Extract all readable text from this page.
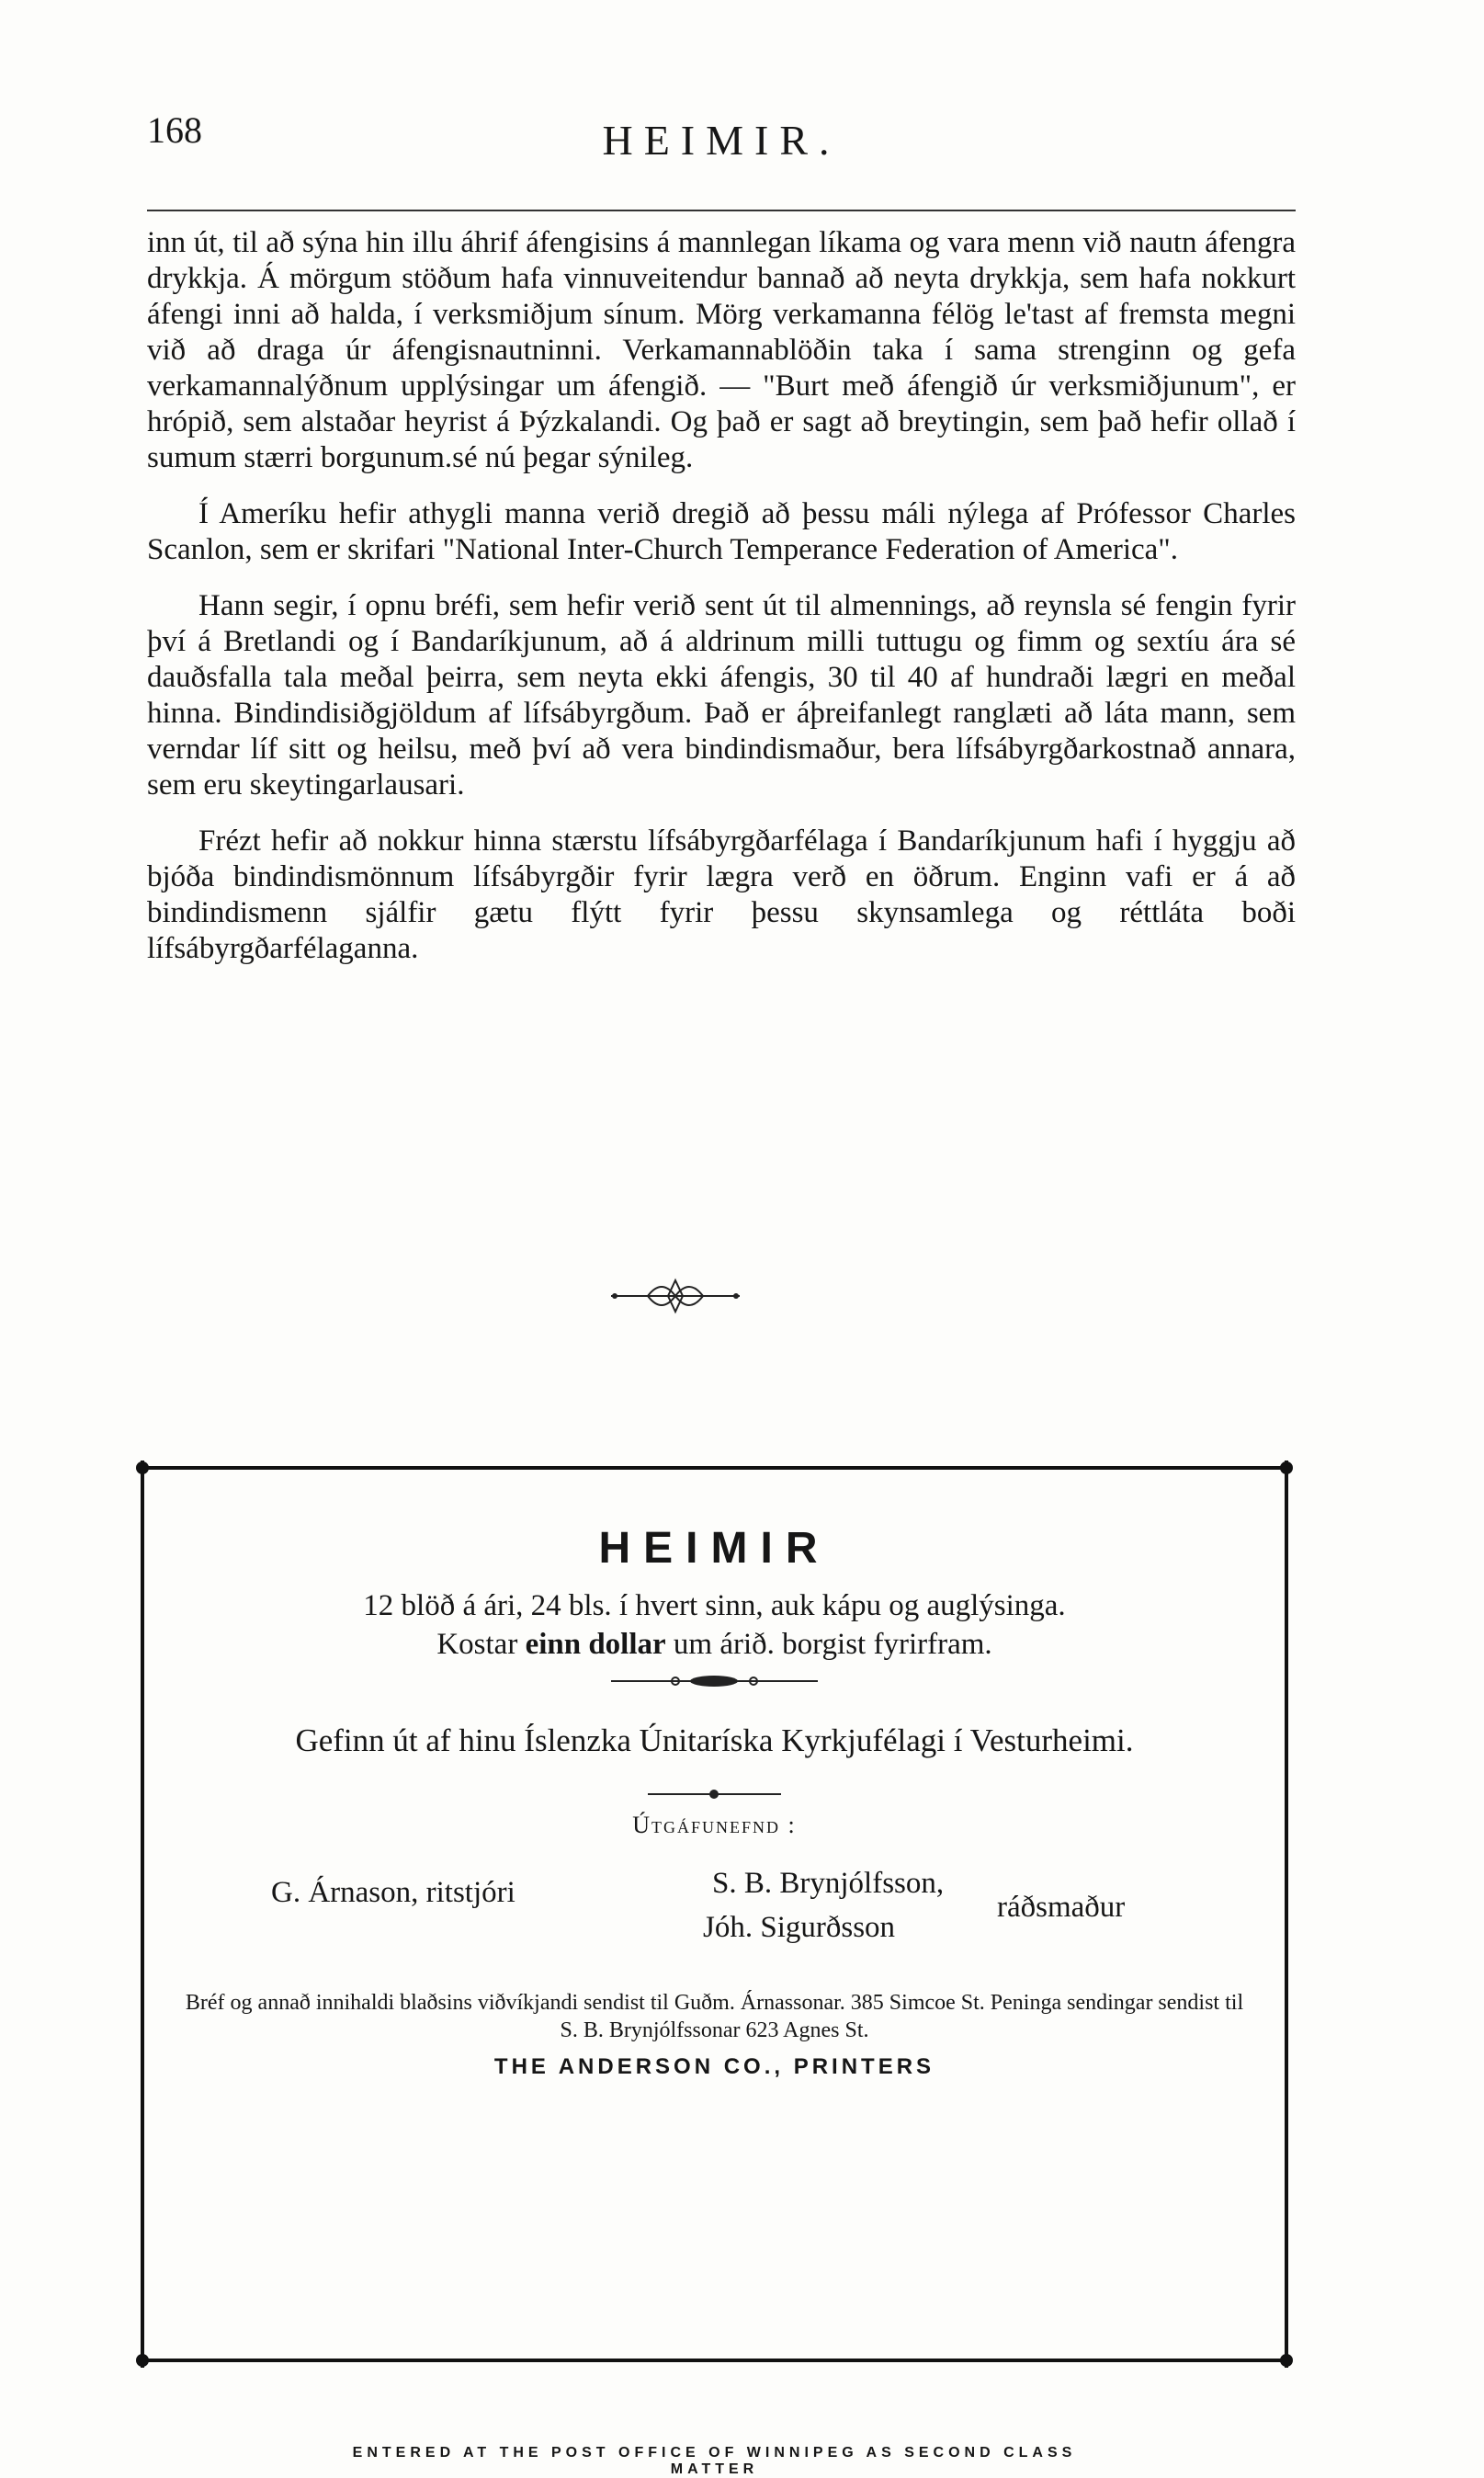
168	HEIMIR.

inn út, til að sýna hin illu áhrif áfengisins á mannlegan líkama og vara menn við nautn áfengra drykkja. Á mörgum stöðum hafa vinnuveitendur bannað að neyta drykkja, sem hafa nokkurt áfengi inni að halda, í verksmiðjum sínum. Mörg verkamanna félög le'tast af fremsta megni við að draga úr áfengisnautninni. Verkamannablöðin taka í sama strenginn og gefa verkamannalýðnum upplýsingar um áfengið. — "Burt með áfengið úr verksmiðjunum", er hrópið, sem alstaðar heyrist á Þýzkalandi. Og það er sagt að breytingin, sem það hefir ollað í sumum stærri borgunum.sé nú þegar sýnileg.

Í Ameríku hefir athygli manna verið dregið að þessu máli nýlega af Prófessor Charles Scanlon, sem er skrifari "National Inter-Church Temperance Federation of America".

Hann segir, í opnu bréfi, sem hefir verið sent út til almennings, að reynsla sé fengin fyrir því á Bretlandi og í Bandaríkjunum, að á aldrinum milli tuttugu og fimm og sextíu ára sé dauðsfalla tala meðal þeirra, sem neyta ekki áfengis, 30 til 40 af hundraði lægri en meðal hinna. Bindindisiðgjöldum af lífsábyrgðum. Það er áþreifanlegt ranglæti að láta mann, sem verndar líf sitt og heilsu, með því að vera bindindismaður, bera lífsábyrgðarkostnað annara, sem eru skeytingarlausari.

Frézt hefir að nokkur hinna stærstu lífsábyrgðarfélaga í Bandaríkjunum hafi í hyggju að bjóða bindindismönnum lífsábyrgðir fyrir lægra verð en öðrum. Enginn vafi er á að bindindismenn sjálfir gætu flýtt fyrir þessu skynsamlega og réttláta boði lífsábyrgðarfélaganna.

HEIMIR
12 blöð á ári, 24 bls. í hvert sinn, auk kápu og auglýsinga.
Kostar einn dollar um árið. borgist fyrirfram.
Gefinn út af hinu Íslenzka Únitaríska Kyrkjufélagi í Vesturheimi.
Útgáfunefnd :
G. Árnason, ritstjóri	S. B. Brynjólfsson,
ráðsmaður
Jóh. Sigurðsson
Bréf og annað innihaldi blaðsins viðvíkjandi sendist til Guðm. Árnassonar. 385 Simcoe St. Peninga sendingar sendist til S. B. Brynjólfssonar 623 Agnes St.
THE ANDERSON CO., PRINTERS
ENTERED AT THE POST OFFICE OF WINNIPEG AS SECOND CLASS MATTER
